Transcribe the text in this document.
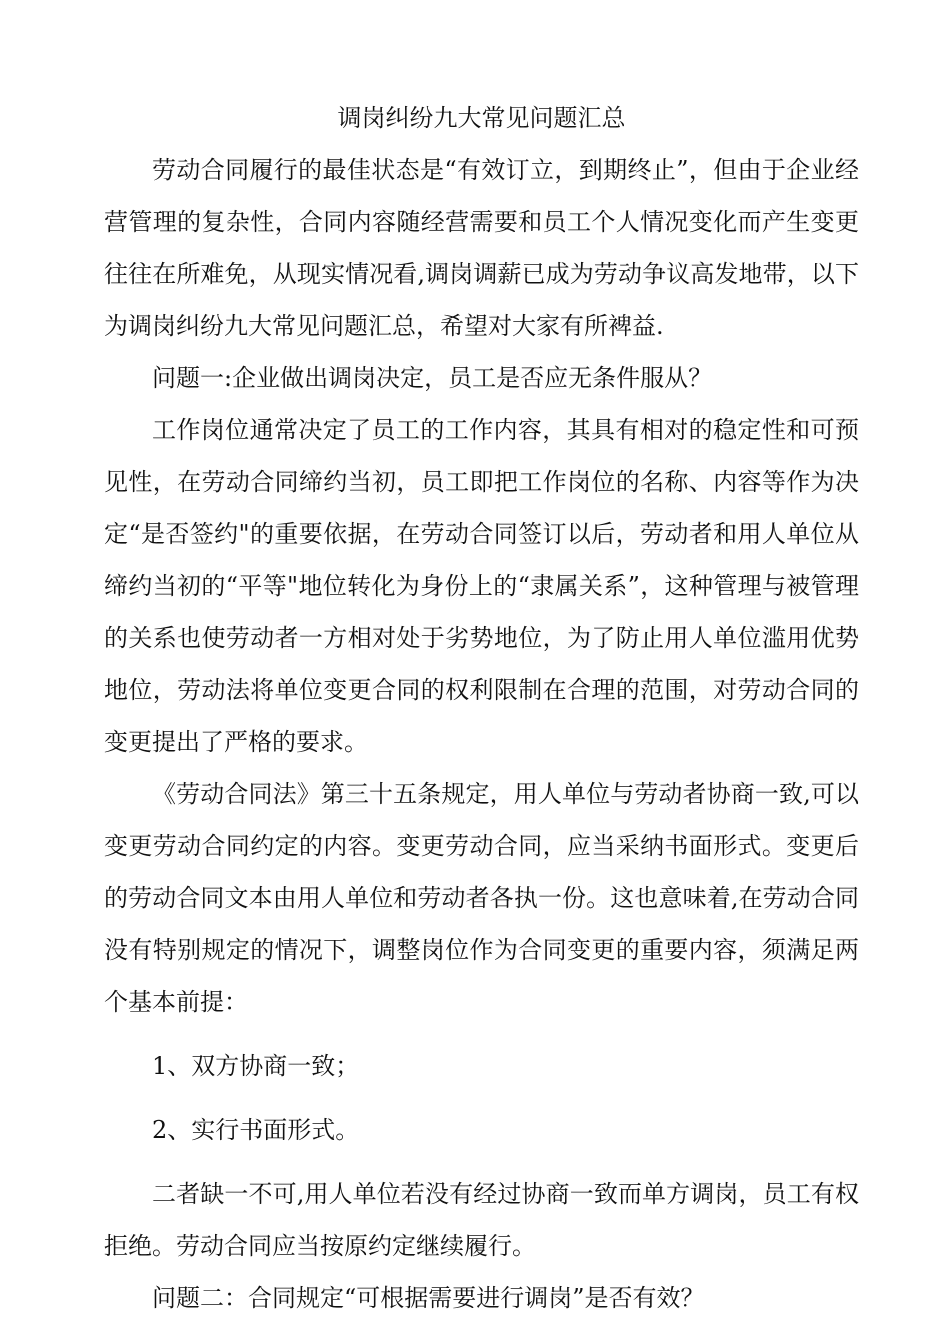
调岗纠纷九大常见问题汇总

劳动合同履行的最佳状态是“有效订立，到期终止”，但由于企业经营管理的复杂性，合同内容随经营需要和员工个人情况变化而产生变更往往在所难免，从现实情况看,调岗调薪已成为劳动争议高发地带，以下为调岗纠纷九大常见问题汇总，希望对大家有所裨益.

问题一:企业做出调岗决定，员工是否应无条件服从？

工作岗位通常决定了员工的工作内容，其具有相对的稳定性和可预见性，在劳动合同缔约当初，员工即把工作岗位的名称、内容等作为决定“是否签约"的重要依据，在劳动合同签订以后，劳动者和用人单位从缔约当初的“平等"地位转化为身份上的“隶属关系”，这种管理与被管理的关系也使劳动者一方相对处于劣势地位，为了防止用人单位滥用优势地位，劳动法将单位变更合同的权利限制在合理的范围，对劳动合同的变更提出了严格的要求。

《劳动合同法》第三十五条规定，用人单位与劳动者协商一致,可以变更劳动合同约定的内容。变更劳动合同，应当采纳书面形式。变更后的劳动合同文本由用人单位和劳动者各执一份。这也意味着,在劳动合同没有特别规定的情况下，调整岗位作为合同变更的重要内容，须满足两个基本前提：

1、双方协商一致；

2、实行书面形式。

二者缺一不可,用人单位若没有经过协商一致而单方调岗，员工有权拒绝。劳动合同应当按原约定继续履行。

问题二：合同规定“可根据需要进行调岗”是否有效？
